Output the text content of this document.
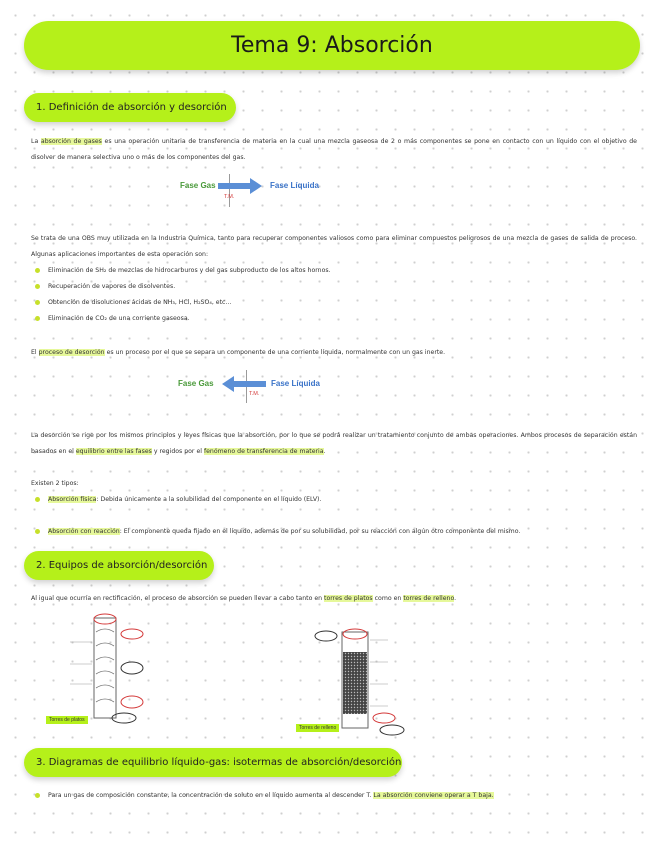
Tema 9: Absorción
1. Definición de absorción y desorción
La absorción de gases es una operación unitaria de transferencia de materia en la cual una mezcla gaseosa de 2 o más componentes se pone en contacto con un líquido con el objetivo de disolver de manera selectiva uno o más de los componentes del gas.
Fase Gas	Fase Líquida
T.M.
Se trata de una OBS muy utilizada en la Industria Química, tanto para recuperar componentes valiosos como para eliminar compuestos peligrosos de una mezcla de gases de salida de proceso. Algunas aplicaciones importantes de esta operación son:
Eliminación de SH₂ de mezclas de hidrocarburos y del gas subproducto de los altos hornos.
Recuperación de vapores de disolventes.
Obtención de disoluciones ácidas de NH₃, HCl, H₂SO₄, etc...
Eliminación de CO₂ de una corriente gaseosa.
El proceso de desorción es un proceso por el que se separa un componente de una corriente líquida, normalmente con un gas inerte.
Fase Gas	Fase Líquida
T.M.
La desorción se rige por los mismos principios y leyes físicas que la absorción, por lo que se podrá realizar un tratamiento conjunto de ambas operaciones. Ambos procesos de separación están basados en el equilibrio entre las fases y regidos por el fenómeno de transferencia de materia.
Existen 2 tipos:
Absorción física: Debida únicamente a la solubilidad del componente en el líquido (ELV).
Absorción con reacción: El componente queda fijado en el líquido, además de por su solubilidad, por su reacción con algún otro componente del mismo.
2. Equipos de absorción/desorción
Al igual que ocurría en rectificación, el proceso de absorción se pueden llevar a cabo tanto en torres de platos como en torres de relleno.
Torres de platos
Torres de relleno
3. Diagramas de equilibrio líquido-gas: isotermas de absorción/desorción
Para un gas de composición constante, la concentración de soluto en el líquido aumenta al descender T. La absorción conviene operar a T baja.
